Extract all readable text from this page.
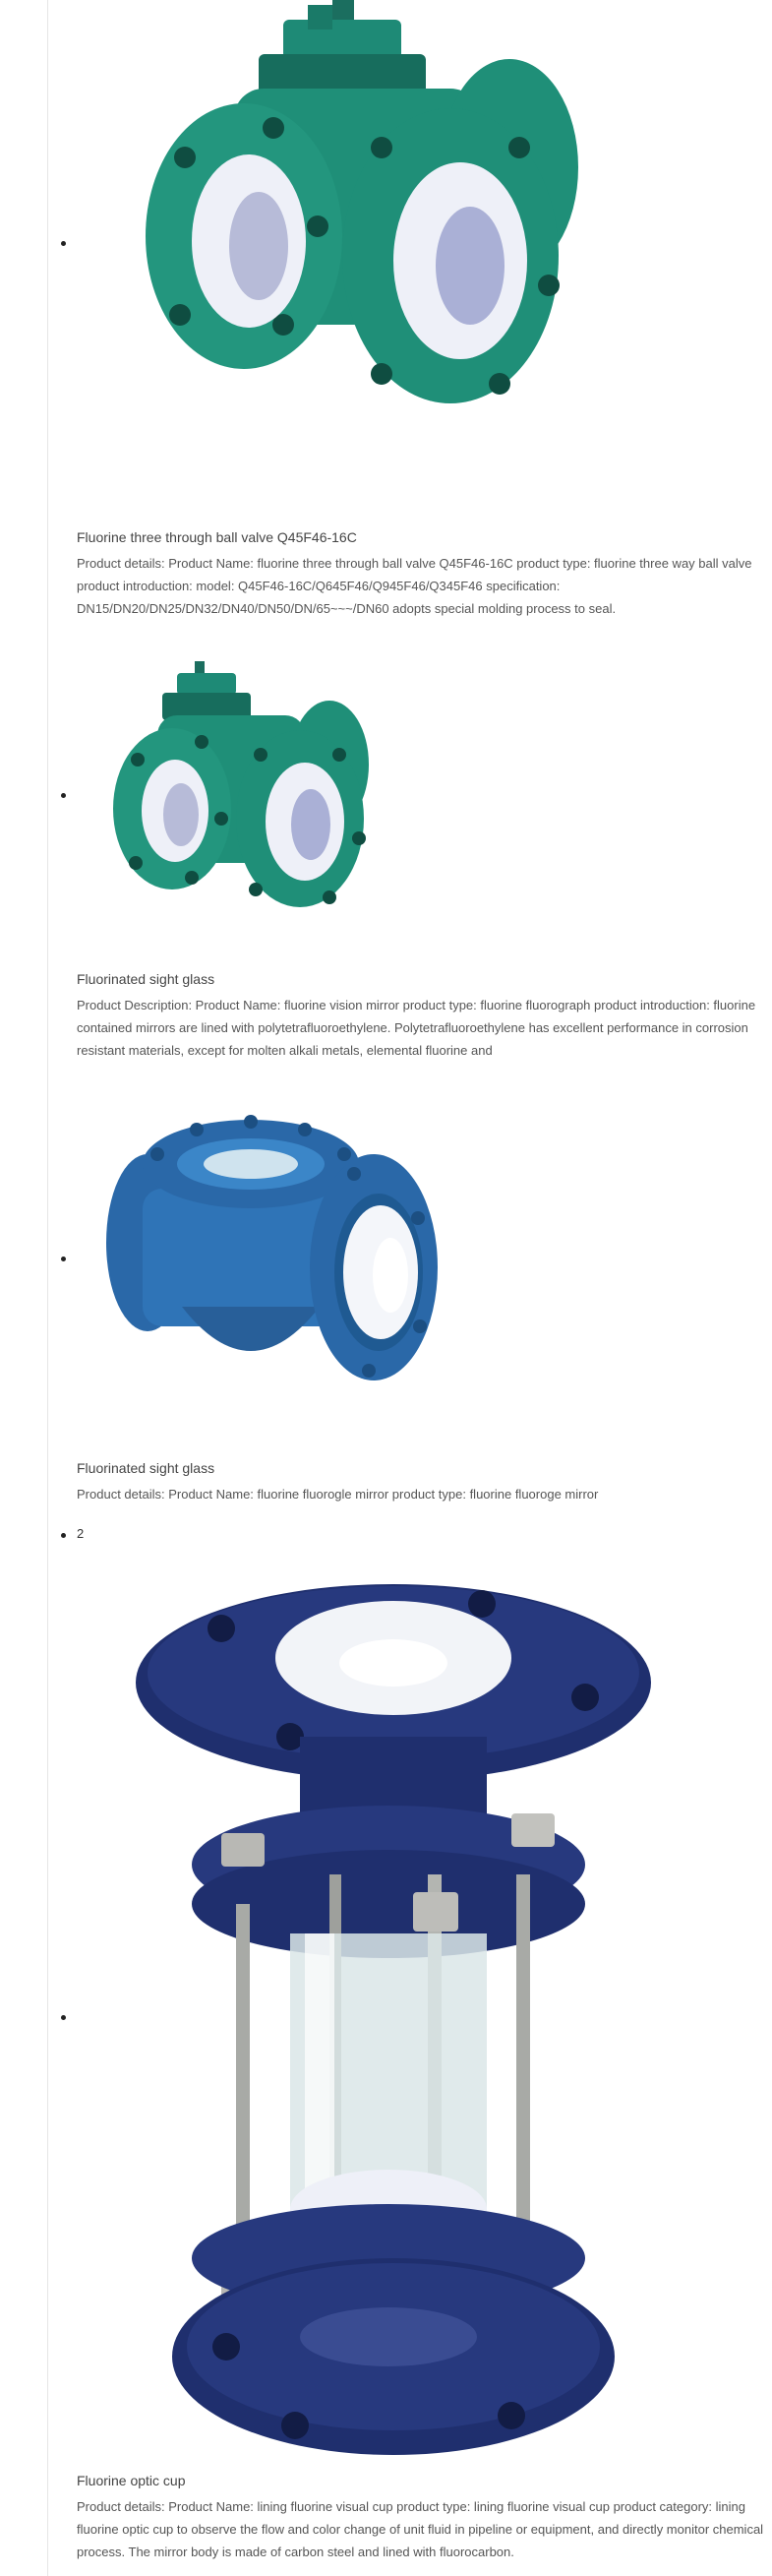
Fluorine three through ball valve Q45F46-16C
Product details: Product Name: fluorine three through ball valve Q45F46-16C product type: fluorine three way ball valve product introduction: model: Q45F46-16C/Q645F46/Q945F46/Q345F46 specification: DN15/DN20/DN25/DN32/DN40/DN50/DN/65~~~/DN60 adopts special molding process to seal.
Fluorinated sight glass
Product Description: Product Name: fluorine vision mirror product type: fluorine fluorograph product introduction: fluorine contained mirrors are lined with polytetrafluoroethylene. Polytetrafluoroethylene has excellent performance in corrosion resistant materials, except for molten alkali metals, elemental fluorine and
Fluorinated sight glass
Product details: Product Name: fluorine fluorogle mirror product type: fluorine fluoroge mirror
2
Fluorine optic cup
Product details: Product Name: lining fluorine visual cup product type: lining fluorine visual cup product category: lining fluorine optic cup to observe the flow and color change of unit fluid in pipeline or equipment, and directly monitor chemical process. The mirror body is made of carbon steel and lined with fluorocarbon.
